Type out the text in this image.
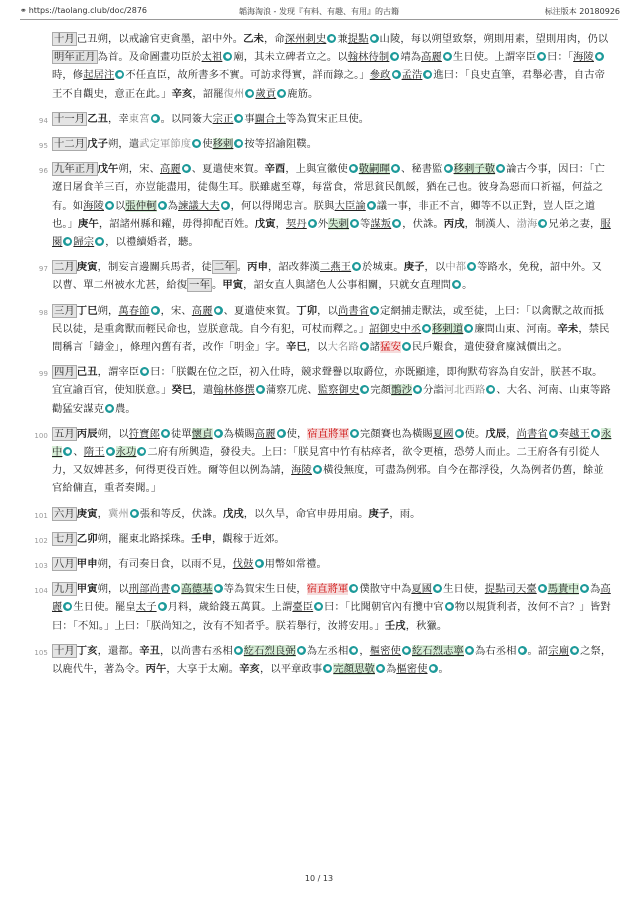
⚭ https://taolang.club/doc/2876	韜海淘浪 - 发现『有料、有趣、有用』的古籍	标注版本 20180926
十月 己丑朔，以戒諭官吏貪墨，詔中外。乙未，命深州刺史 ● 兼提點 ● 山陵，每以朔望致祭，朔則用素，望則用肉，仍以明年正月 為首。及命圖畫功臣於太祖 ● 廟，其未立碑者立之。以翰林待制 ● 靖為高麗 ● 生日使。上謂宰臣 ● 曰：「海陵 ●時，修起居注 ● 不任直臣，故所書多不實。可訪求得實，詳而錄之。」參政 ● 孟浩 ● 進曰：「良史直筆，君舉必書，自古帝王不自觀史，意正在此。」辛亥，詔罷復州 ● 歲貢 ● 鹿筋。
94 十一月 乙丑，幸東宮 ● 。以同簽大宗正 ● 事闢合土等為賀宋正旦使。
95 十二月 戊子朔，遣武定軍節度 ● 使移剌 ● 按等招諭阻䪁。
96 九年正月 戊午朔，宋、高麗 ● 、夏遣使來賀。辛酉，上與宣徽使 ● 敬嗣暉 ● 、秘書監 ● 移剌子敬 ● 論古今事，因曰：「亡遼日屠食羊三百，亦豈能盡用，徒傷生耳。朕雖處至尊，每當食，常思貧民飢餒，猶在己也。彼身為惡而口祈福，何益之有。如海陵 ● 以張仲軻 ● 為諫議大夫 ● ，何以得聞忠言。朕與大臣論 ● 議一事，非正不言，卿等不以正對，豈人臣之道也。」庚午，詔諸州縣和糴，毋得抑配百姓。戊寅，契丹 ● 外失剌 ● 等謀叛 ● ，伏誅。丙戌，制漢人、渤海 ● 兄弟之妻，服闋 ● 歸宗 ● ，以禮續婚者，聽。
97 二月 庚寅，制妄言邊關兵馬者，徒 二年 。丙申，詔改葬漢二燕王 ● 於城東。庚子，以中都 ● 等路水，免稅，詔中外。又以曹、單二州被水尤甚，給復 一年 。甲寅，詔女直人與諸色人公事相關，只就女直理問 ● 。
98 三月 丁巳朔，萬春節 ● ，宋、高麗 ● 、夏遣使來賀。丁卯，以尚書省 ● 定網捕走獸法，或至徒，上曰：「以禽獸之故而抵民以徒，是重禽獸而輕民命也，豈朕意哉。自今有犯，可杖而釋之。」詔御史中丞 ● 移剌道 ● 廉問山東、河南。辛未，禁民間稱言「鑄金」，條理內舊有者，改作「明金」字。辛巳，以大名路 ● 諸猛安 ● 民戶艱食，遣使發倉廩減價出之。
99 四月 己丑，謂宰臣 ● 曰：「朕觀在位之臣，初入仕時，競求聲譽以取爵位，亦既顯達，即徇默苟容為自安計，朕甚不取。宜宣諭百官，使知朕意。」癸巳，遣翰林修撰 ● 蒲察兀虎、監察御史 ● 完顏鶻沙 ● 分詣河北西路 ● 、大名、河南、山東等路勸猛安謀克 ● 農。
100 五月 丙辰朔，以符寶郎 ● 徒單懷貞 ● 為橫賜高麗 ● 使，宿直將軍 ● 完顏賽也為橫賜夏國 ● 使。戊辰，尚書省 ● 奏越王 ● 永中 ● 、隋王 ● 永功 ● 二府有所興造，發役夫。上曰：「朕見宮中竹有枯瘁者，欲令更植，恐勞人而止。二王府各有引從人力，又奴婢甚多，何得更役百姓。爾等但以例為請，海陵 ● 橫役無度，可盡為例邪。自今在都浮役，久為例者仍舊，餘並官給傭直，重者奏聞。」
101 六月 庚寅，冀州 ● 張和等反，伏誅。戊戌，以久旱，命官申毋用扇。庚子，雨。
102 七月 乙卯朔，罷東北路採珠。壬申，觀稼于近郊。
103 八月 甲申朔，有司奏日食，以雨不見，伐鼓 ● 用幣如常禮。
104 九月 甲寅朔，以刑部尚書 ● 高德基 ● 等為賀宋生日使，宿直將軍 ● 僕散守中為夏國 ● 生日使，提點司天臺 ● 馬貴中 ● 為高麗 ● 生日使。罷皇太子 ● 月料，歲給錢五萬貫。上謂臺臣 ● 曰：「比聞朝官內有攬中官 ● 物以規貨利者，汝何不言？」皆對曰：「不知。」上曰：「朕尚知之，汝有不知者乎。朕若舉行，汝將安用。」壬戌，秋獵。
105 十月 丁亥，還都。辛丑，以尚書右丞相 ● 紇石烈良弼 ● 為左丞相 ● ，樞密使 ● 紇石烈志寧 ● 為右丞相 ● 。詔宗廟 ● 之祭，以鹿代牛，著為令。丙午，大享于太廟。辛亥，以平章政事 ● 完顏思敬 ● 為樞密使 ● 。
10 / 13
